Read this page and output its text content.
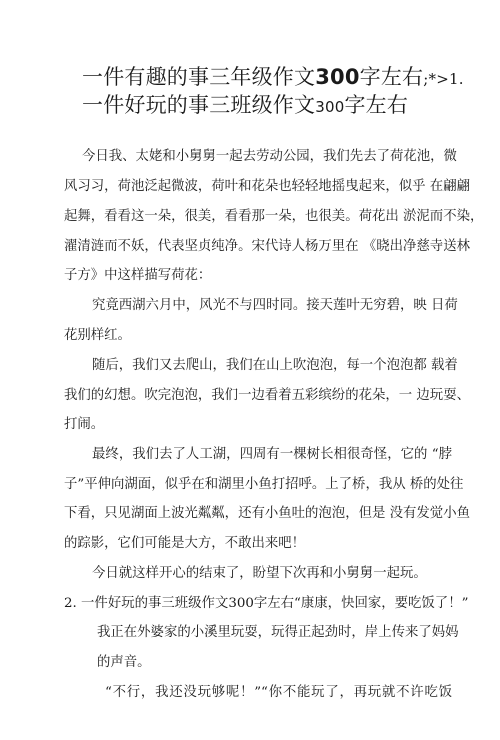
一件有趣的事三年级作文300字左右;*>1.
一件好玩的事三班级作文300字左右
今日我、太姥和小舅舅一起去劳动公园，我们先去了荷花池，微
风习习，荷池泛起微波，荷叶和花朵也轻轻地摇曳起来，似乎 在翩翩
起舞，看看这一朵，很美，看看那一朵，也很美。荷花出 淤泥而不染，
濯清涟而不妖，代表坚贞纯净。宋代诗人杨万里在 《晓出净慈寺送林
子方》中这样描写荷花：
究竟西湖六月中，风光不与四时同。接天莲叶无穷碧，映 日荷
花别样红。
随后，我们又去爬山，我们在山上吹泡泡，每一个泡泡都 载着
我们的幻想。吹完泡泡，我们一边看着五彩缤纷的花朵，一 边玩耍、
打闹。
最终，我们去了人工湖，四周有一棵树长相很奇怪，它的 “脖
子”平伸向湖面，似乎在和湖里小鱼打招呼。上了桥，我从 桥的处往
下看，只见湖面上波光粼粼，还有小鱼吐的泡泡，但是 没有发觉小鱼
的踪影，它们可能是大方，不敢出来吧！
今日就这样开心的结束了，盼望下次再和小舅舅一起玩。
2. 一件好玩的事三班级作文300字左右“康康，快回家，要吃饭了！”
我正在外婆家的小溪里玩耍，玩得正起劲时，岸上传来了妈妈
的声音。
“不行，我还没玩够呢！”“你不能玩了，再玩就不许吃饭
